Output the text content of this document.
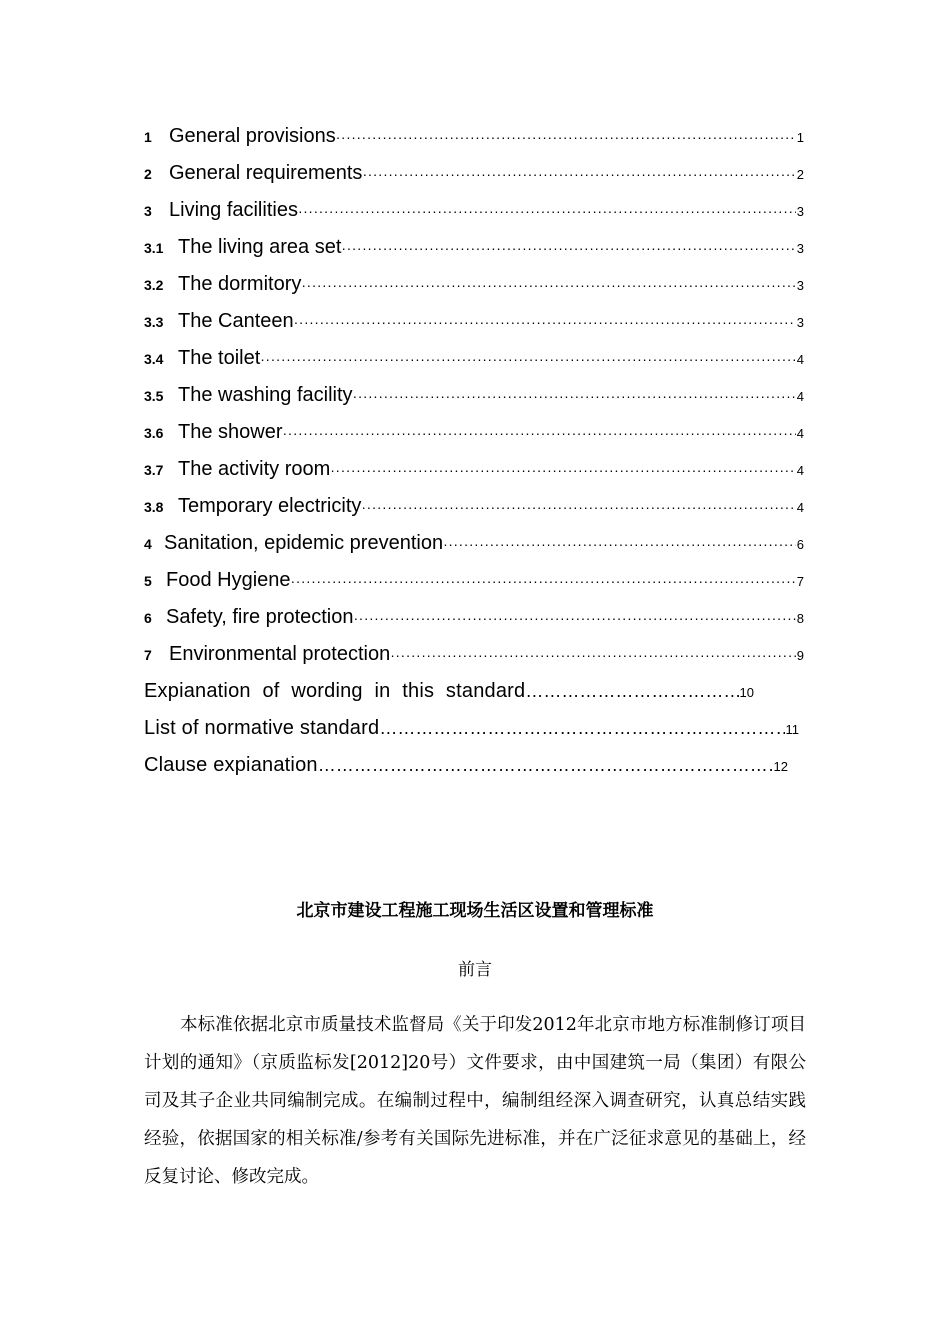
1 General provisions ·····	1
2 General requirements ·····	2
3 Living facilities ·····	3
3.1 The living area set ·····	3
3.2 The dormitory ·····	3
3.3 The Canteen ·····	3
3.4 The toilet ·····	4
3.5 The washing facility ·····	4
3.6 The shower ·····	4
3.7 The activity room ·····	4
3.8 Temporary electricity ·····	4
4 Sanitation, epidemic prevention ·····	6
5 Food Hygiene ·····	7
6 Safety, fire protection ·····	8
7 Environmental protection ·····	9
Expianation of wording in this standard ……………………………………………………………………………………………………………	10
List of normative standard ……………………………………………………………………………………………………………	11
Clause expianation ……………………………………………………………………………………………………………	12
北京市建设工程施工现场生活区设置和管理标准
前言
本标准依据北京市质量技术监督局《关于印发2012年北京市地方标准制修订项目计划的通知》（京质监标发[2012]20号）文件要求，由中国建筑一局（集团）有限公司及其子企业共同编制完成。在编制过程中，编制组经深入调查研究，认真总结实践经验，依据国家的相关标准/参考有关国际先进标准，并在广泛征求意见的基础上，经反复讨论、修改完成。
